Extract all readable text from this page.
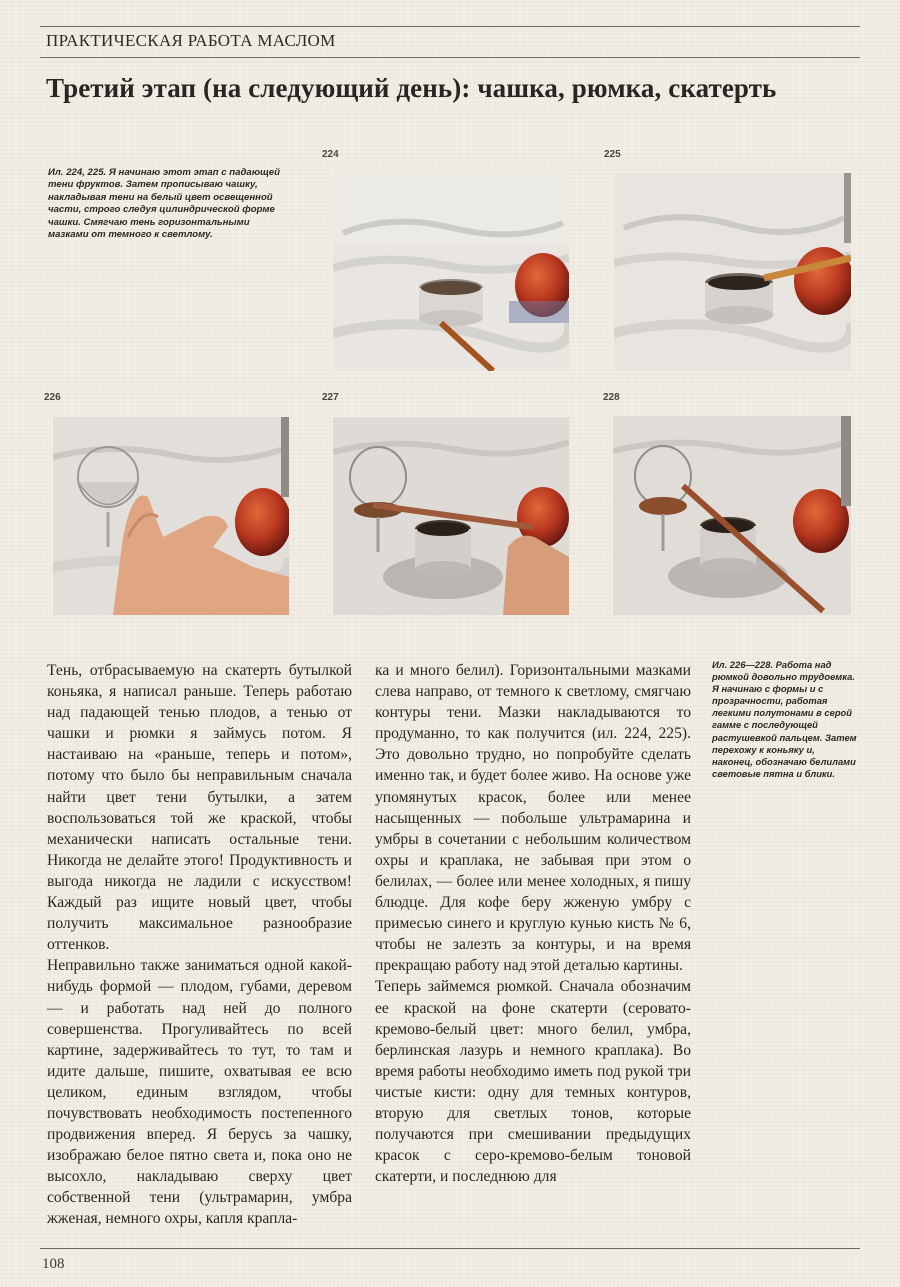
ПРАКТИЧЕСКАЯ РАБОТА МАСЛОМ
Третий этап (на следующий день): чашка, рюмка, скатерть
Ил. 224, 225. Я начинаю этот этап с падающей тени фруктов. Затем прописываю чашку, накладывая тени на белый цвет освещенной части, строго следуя цилиндрической форме чашки. Смягчаю тень горизонтальными мазками от темного к светлому.
224	225
226	227	228
Ил. 226—228. Работа над рюмкой довольно трудоемка. Я начинаю с формы и с прозрачности, работая легкими полутонами в серой гамме с последующей растушевкой пальцем. Затем перехожу к коньяку и, наконец, обозначаю белилами световые пятна и блики.

Тень, отбрасываемую на скатерть бутылкой коньяка, я написал раньше. Теперь работаю над падающей тенью плодов, а тенью от чашки и рюмки я займусь потом. Я настаиваю на «раньше, теперь и потом», потому что было бы неправильным сначала найти цвет тени бутылки, а затем воспользоваться той же краской, чтобы механически написать остальные тени. Никогда не делайте этого! Продуктивность и выгода никогда не ладили с искусством! Каждый раз ищите новый цвет, чтобы получить максимальное разнообразие оттенков.

Неправильно также заниматься одной какой-нибудь формой — плодом, губами, деревом — и работать над ней до полного совершенства. Прогуливайтесь по всей картине, задерживайтесь то тут, то там и идите дальше, пишите, охватывая ее всю целиком, единым взглядом, чтобы почувствовать необходимость постепенного продвижения вперед. Я берусь за чашку, изображаю белое пятно света и, пока оно не высохло, накладываю сверху цвет собственной тени (ультрамарин, умбра жженая, немного охры, капля крапла-

ка и много белил). Горизонтальными мазками слева направо, от темного к светлому, смягчаю контуры тени. Мазки накладываются то продуманно, то как получится (ил. 224, 225). Это довольно трудно, но попробуйте сделать именно так, и будет более живо. На основе уже упомянутых красок, более или менее насыщенных — побольше ультрамарина и умбры в сочетании с небольшим количеством охры и краплака, не забывая при этом о белилах, — более или менее холодных, я пишу блюдце. Для кофе беру жженую умбру с примесью синего и круглую кунью кисть № 6, чтобы не залезть за контуры, и на время прекращаю работу над этой деталью картины.

Теперь займемся рюмкой. Сначала обозначим ее краской на фоне скатерти (серовато-кремово-белый цвет: много белил, умбра, берлинская лазурь и немного краплака). Во время работы необходимо иметь под рукой три чистые кисти: одну для темных контуров, вторую для светлых тонов, которые получаются при смешивании предыдущих красок с серо-кремово-белым тоновой скатерти, и последнюю для

108
